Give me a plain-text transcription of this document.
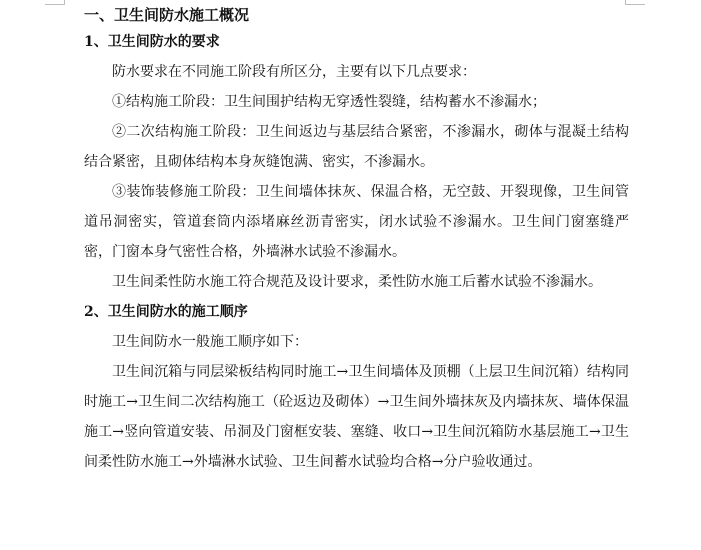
一、卫生间防水施工概况
1、卫生间防水的要求

防水要求在不同施工阶段有所区分，主要有以下几点要求：

①结构施工阶段：卫生间围护结构无穿透性裂缝，结构蓄水不渗漏水；

②二次结构施工阶段：卫生间返边与基层结合紧密，不渗漏水，砌体与混凝土结构结合紧密，且砌体结构本身灰缝饱满、密实，不渗漏水。

③装饰装修施工阶段：卫生间墙体抹灰、保温合格，无空鼓、开裂现像，卫生间管道吊洞密实，管道套筒内添堵麻丝沥青密实，闭水试验不渗漏水。卫生间门窗塞缝严密，门窗本身气密性合格，外墙淋水试验不渗漏水。

卫生间柔性防水施工符合规范及设计要求，柔性防水施工后蓄水试验不渗漏水。

2、卫生间防水的施工顺序

卫生间防水一般施工顺序如下：

卫生间沉箱与同层梁板结构同时施工→卫生间墙体及顶棚（上层卫生间沉箱）结构同时施工→卫生间二次结构施工（砼返边及砌体）→卫生间外墙抹灰及内墙抹灰、墙体保温施工→竖向管道安装、吊洞及门窗框安装、塞缝、收口→卫生间沉箱防水基层施工→卫生间柔性防水施工→外墙淋水试验、卫生间蓄水试验均合格→分户验收通过。
